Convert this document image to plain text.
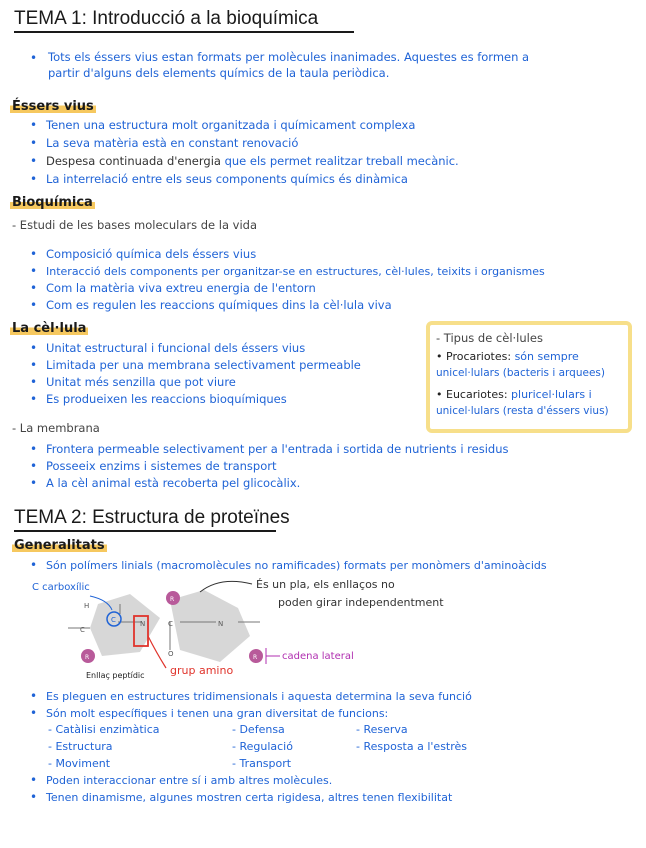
TEMA 1: Introducció a la bioquímica
• Tots els éssers vius estan formats per molècules inanimades. Aquestes es formen a
partir d'alguns dels elements químics de la taula periòdica.
Éssers vius
• Tenen una estructura molt organitzada i químicament complexa
• La seva matèria està en constant renovació
• Despesa continuada d'energia que els permet realitzar treball mecànic.
• La interrelació entre els seus components químics és dinàmica
Bioquímica
- Estudi de les bases moleculars de la vida
• Composició química dels éssers vius
• Interacció dels components per organitzar-se en estructures, cèl·lules, teixits i organismes
• Com la matèria viva extreu energia de l'entorn
• Com es regulen les reaccions químiques dins la cèl·lula viva
La cèl·lula
• Unitat estructural i funcional dels éssers vius
• Limitada per una membrana selectivament permeable
• Unitat més senzilla que pot viure
• Es produeixen les reaccions bioquímiques
- Tipus de cèl·lules
• Procariotes: són sempre
unicel·lulars (bacteris i arquees)
• Eucariotes: pluricel·lulars i
unicel·lulars (resta d'éssers vius)
- La membrana
• Frontera permeable selectivament per a l'entrada i sortida de nutrients i residus
• Posseeix enzims i sistemes de transport
• A la cèl animal està recoberta pel glicocàlix.
TEMA 2: Estructura de proteïnes
Generalitats
• Són polímers linials (macromolècules no ramificades) formats per monòmers d'aminoàcids
H
C
N	C
O
N
C
R
R	R
C carboxílic	És un pla, els enllaços no
poden girar independentment
Enllaç peptídic grup amino
cadena lateral
• Es pleguen en estructures tridimensionals i aquesta determina la seva funció
• Són molt específiques i tenen una gran diversitat de funcions:
- Catàlisi enzimàtica	- Defensa	- Reserva
- Estructura	- Regulació	- Resposta a l'estrès
- Moviment	- Transport
• Poden interaccionar entre sí i amb altres molècules.
• Tenen dinamisme, algunes mostren certa rigidesa, altres tenen flexibilitat
